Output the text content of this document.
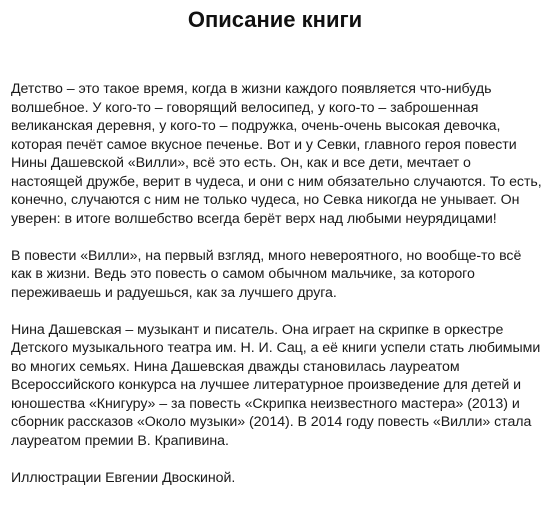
Описание книги

Детство – это такое время, когда в жизни каждого появляется что-нибудь волшебное. У кого-то – говорящий велосипед, у кого-то – заброшенная великанская деревня, у кого-то – подружка, очень-очень высокая девочка, которая печёт самое вкусное печенье. Вот и у Севки, главного героя повести Нины Дашевской «Вилли», всё это есть. Он, как и все дети, мечтает о настоящей дружбе, верит в чудеса, и они с ним обязательно случаются. То есть, конечно, случаются с ним не только чудеса, но Севка никогда не унывает. Он уверен: в итоге волшебство всегда берёт верх над любыми неурядицами!

В повести «Вилли», на первый взгляд, много невероятного, но вообще-то всё как в жизни. Ведь это повесть о самом обычном мальчике, за которого переживаешь и радуешься, как за лучшего друга.

Нина Дашевская – музыкант и писатель. Она играет на скрипке в оркестре Детского музыкального театра им. Н. И. Сац, а её книги успели стать любимыми во многих семьях. Нина Дашевская дважды становилась лауреатом Всероссийского конкурса на лучшее литературное произведение для детей и юношества «Книгуру» – за повесть «Скрипка неизвестного мастера» (2013) и сборник рассказов «Около музыки» (2014). В 2014 году повесть «Вилли» стала лауреатом премии В. Крапивина.

Иллюстрации Евгении Двоскиной.
